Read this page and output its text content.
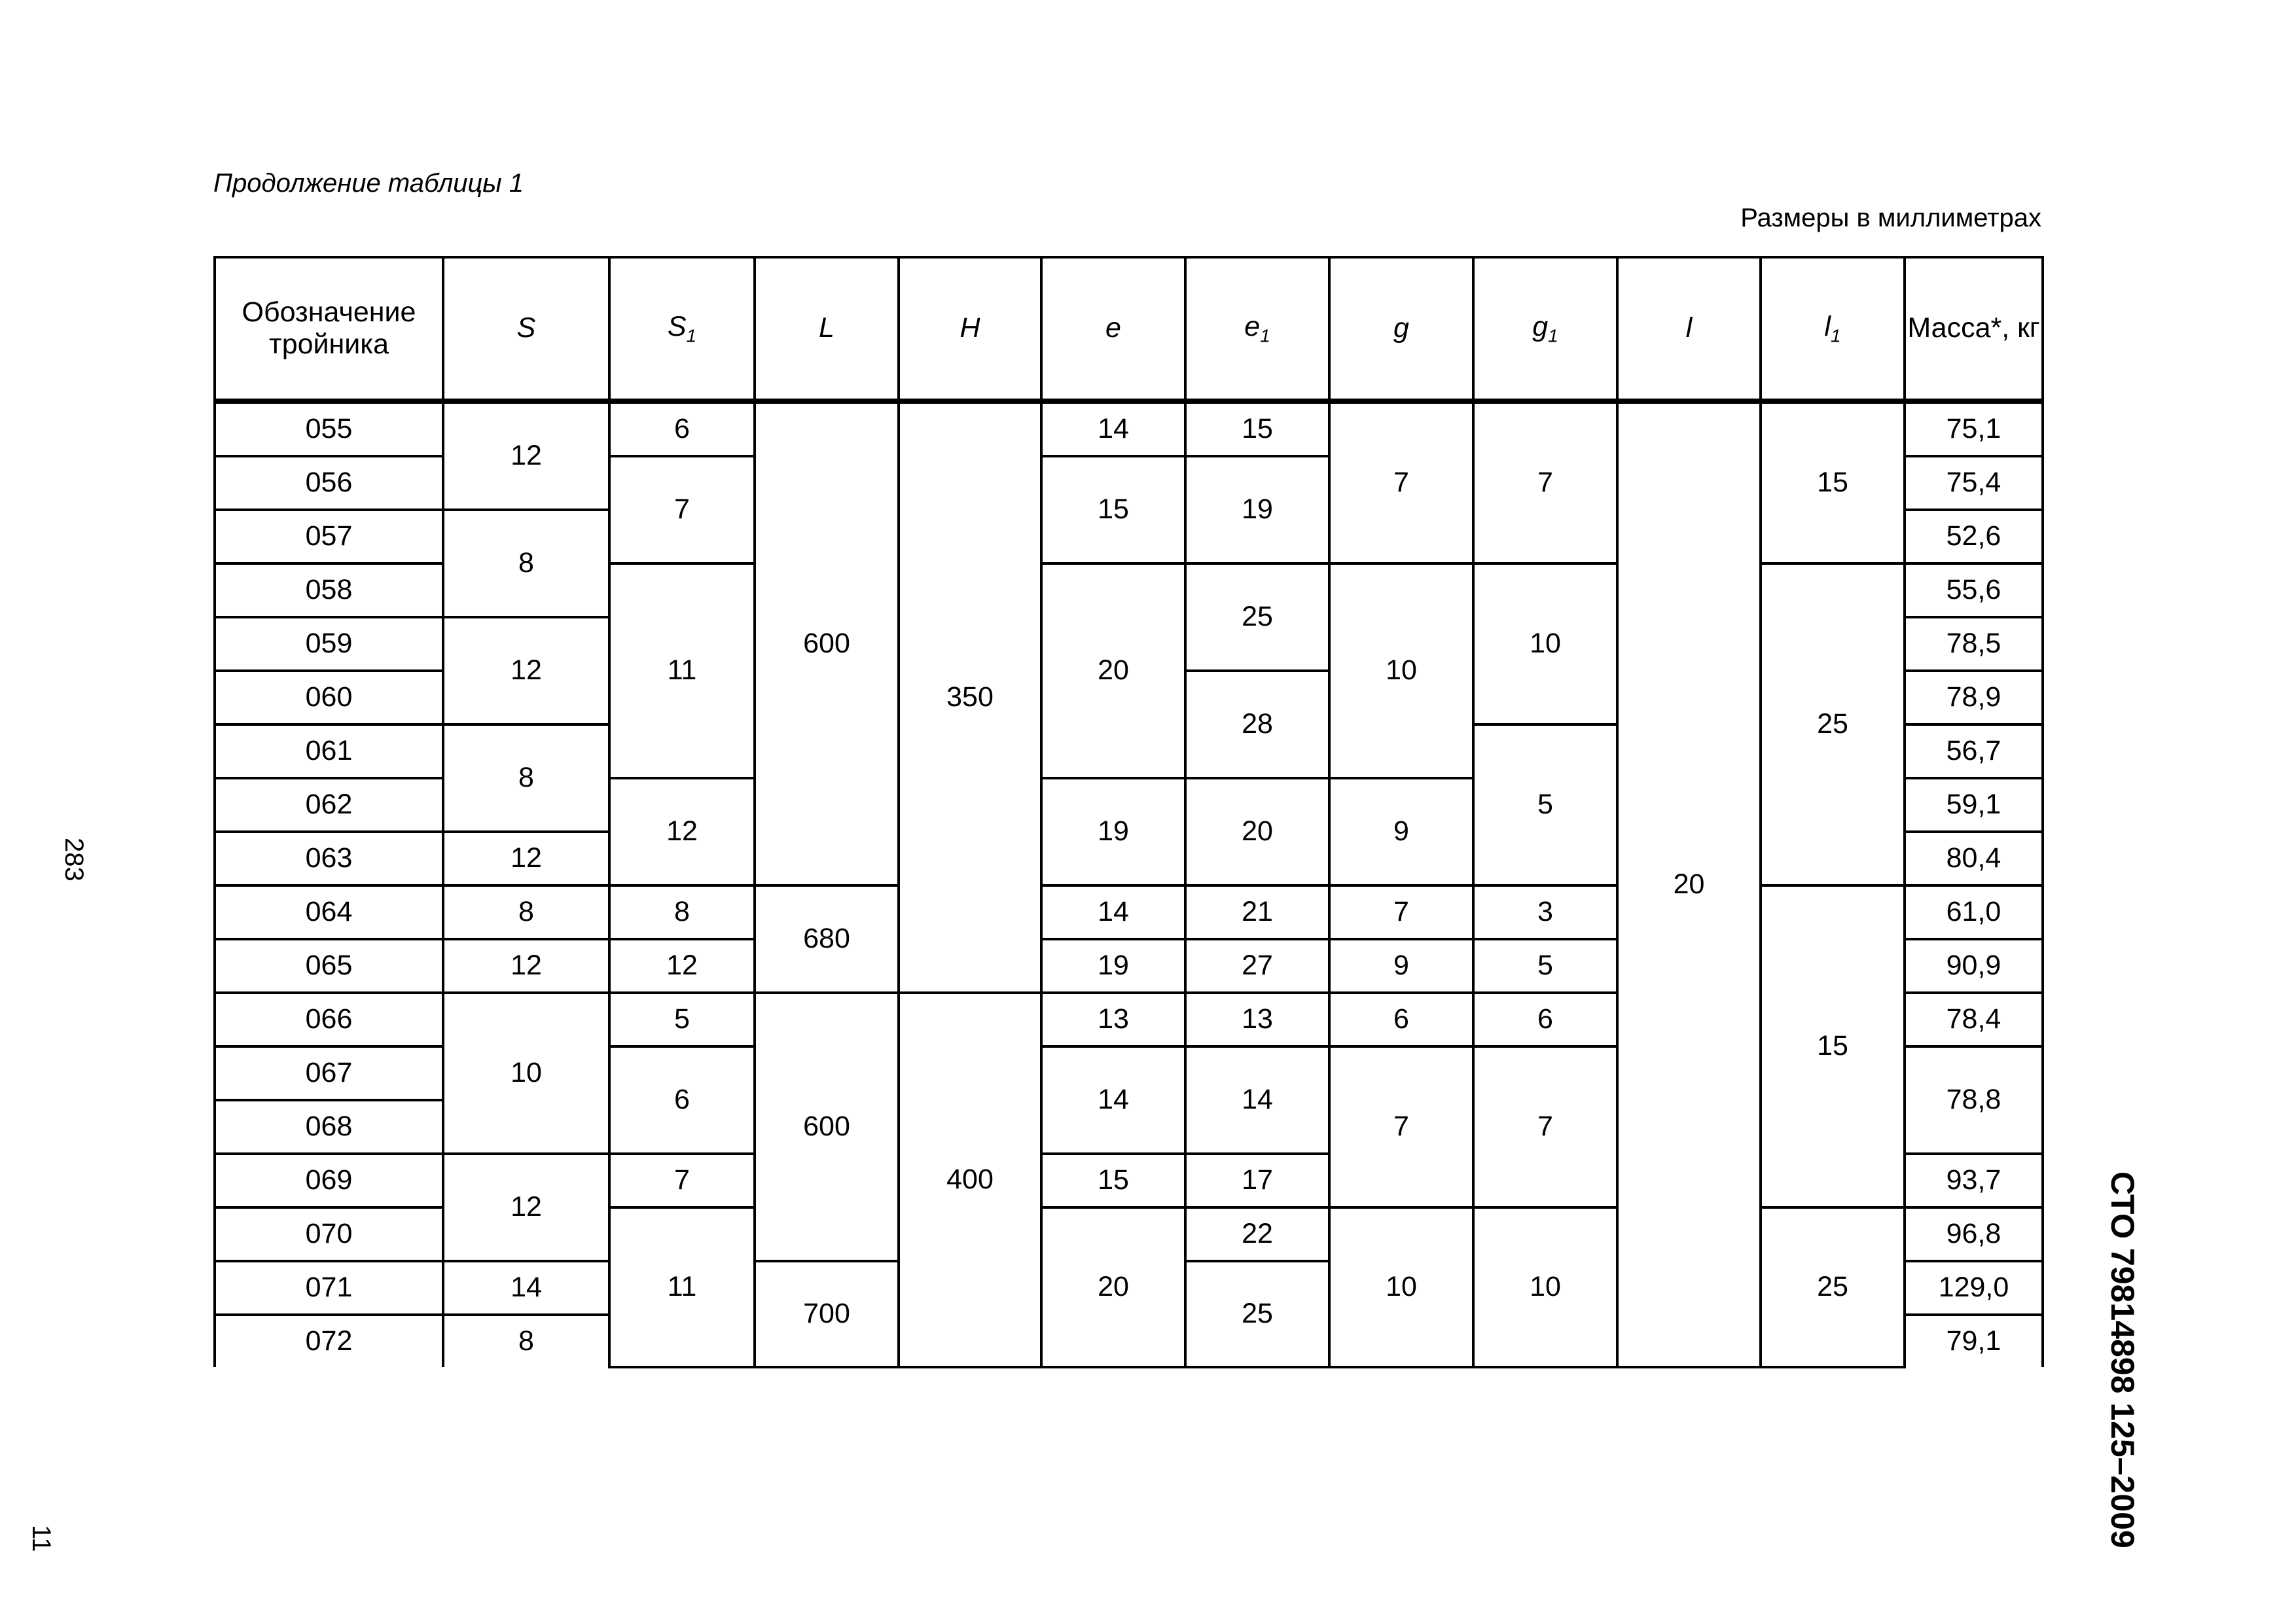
Продолжение таблицы 1
Размеры в миллиметрах
Обозначение тройника	S	$S_1$	L	H	e	$e_1$	g	$g_1$	l	$l_1$	Масса*, кг
055	12	6	600	350	14	15	7	7	20	15	75,1
056		7			15	19					75,4
057	8										52,6
058		11			20	25	10	10		25	55,6
059	12										78,5
060						28					78,9
061	8							5			56,7
062		12			19	20	9				59,1
063	12										80,4
064	8	8	680		14	21	7	3		15	61,0
065	12	12			19	27	9	5			90,9
066	10	5	600	400	13	13	6	6			78,4
067		6			14	14	7	7			78,8
068											
069	12	7			15	17					93,7
070		11			20	22	10	10		25	96,8
071	14		700			25					129,0
072	8										79,1
283
11	СТО 79814898 125–2009
